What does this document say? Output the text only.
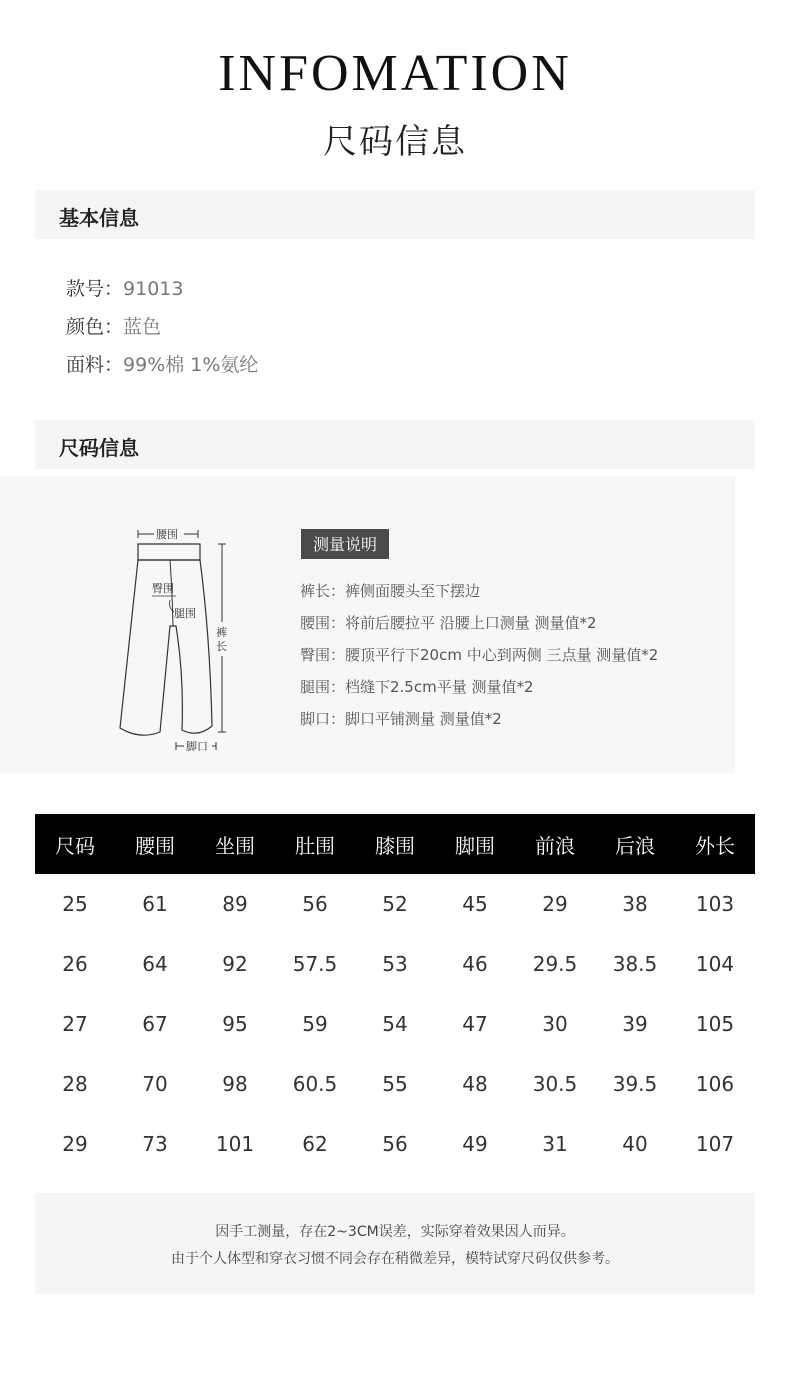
INFOMATION
尺码信息
基本信息
款号：91013
颜色：蓝色
面料：99%棉 1%氨纶
尺码信息
腰围
臀围
腿围
裤
长
脚口
测量说明
裤长：裤侧面腰头至下摆边
腰围：将前后腰拉平 沿腰上口测量 测量值*2
臀围：腰顶平行下20cm 中心到两侧 三点量 测量值*2
腿围：档缝下2.5cm平量 测量值*2
脚口：脚口平铺测量 测量值*2
尺码	腰围	坐围	肚围	膝围	脚围	前浪	后浪	外长
25	61	89	56	52	45	29	38	103
26	64	92	57.5	53	46	29.5	38.5	104
27	67	95	59	54	47	30	39	105
28	70	98	60.5	55	48	30.5	39.5	106
29	73	101	62	56	49	31	40	107
因手工测量，存在2~3CM误差，实际穿着效果因人而异。
由于个人体型和穿衣习惯不同会存在稍微差异，模特试穿尺码仅供参考。
